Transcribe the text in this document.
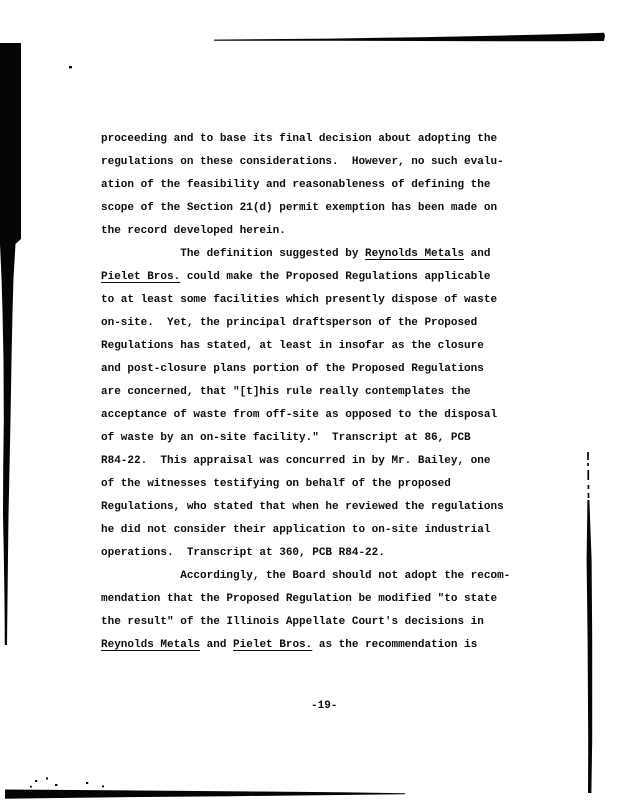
proceeding and to base its final decision about adopting the
regulations on these considerations.  However, no such evalu-
ation of the feasibility and reasonableness of defining the
scope of the Section 21(d) permit exemption has been made on
the record developed herein.
The definition suggested by Reynolds Metals and
Pielet Bros. could make the Proposed Regulations applicable
to at least some facilities which presently dispose of waste
on-site.  Yet, the principal draftsperson of the Proposed
Regulations has stated, at least in insofar as the closure
and post-closure plans portion of the Proposed Regulations
are concerned, that "[t]his rule really contemplates the
acceptance of waste from off-site as opposed to the disposal
of waste by an on-site facility."  Transcript at 86, PCB
R84-22.  This appraisal was concurred in by Mr. Bailey, one
of the witnesses testifying on behalf of the proposed
Regulations, who stated that when he reviewed the regulations
he did not consider their application to on-site industrial
operations.  Transcript at 360, PCB R84-22.
Accordingly, the Board should not adopt the recom-
mendation that the Proposed Regulation be modified "to state
the result" of the Illinois Appellate Court's decisions in
Reynolds Metals and Pielet Bros. as the recommendation is
-19-
